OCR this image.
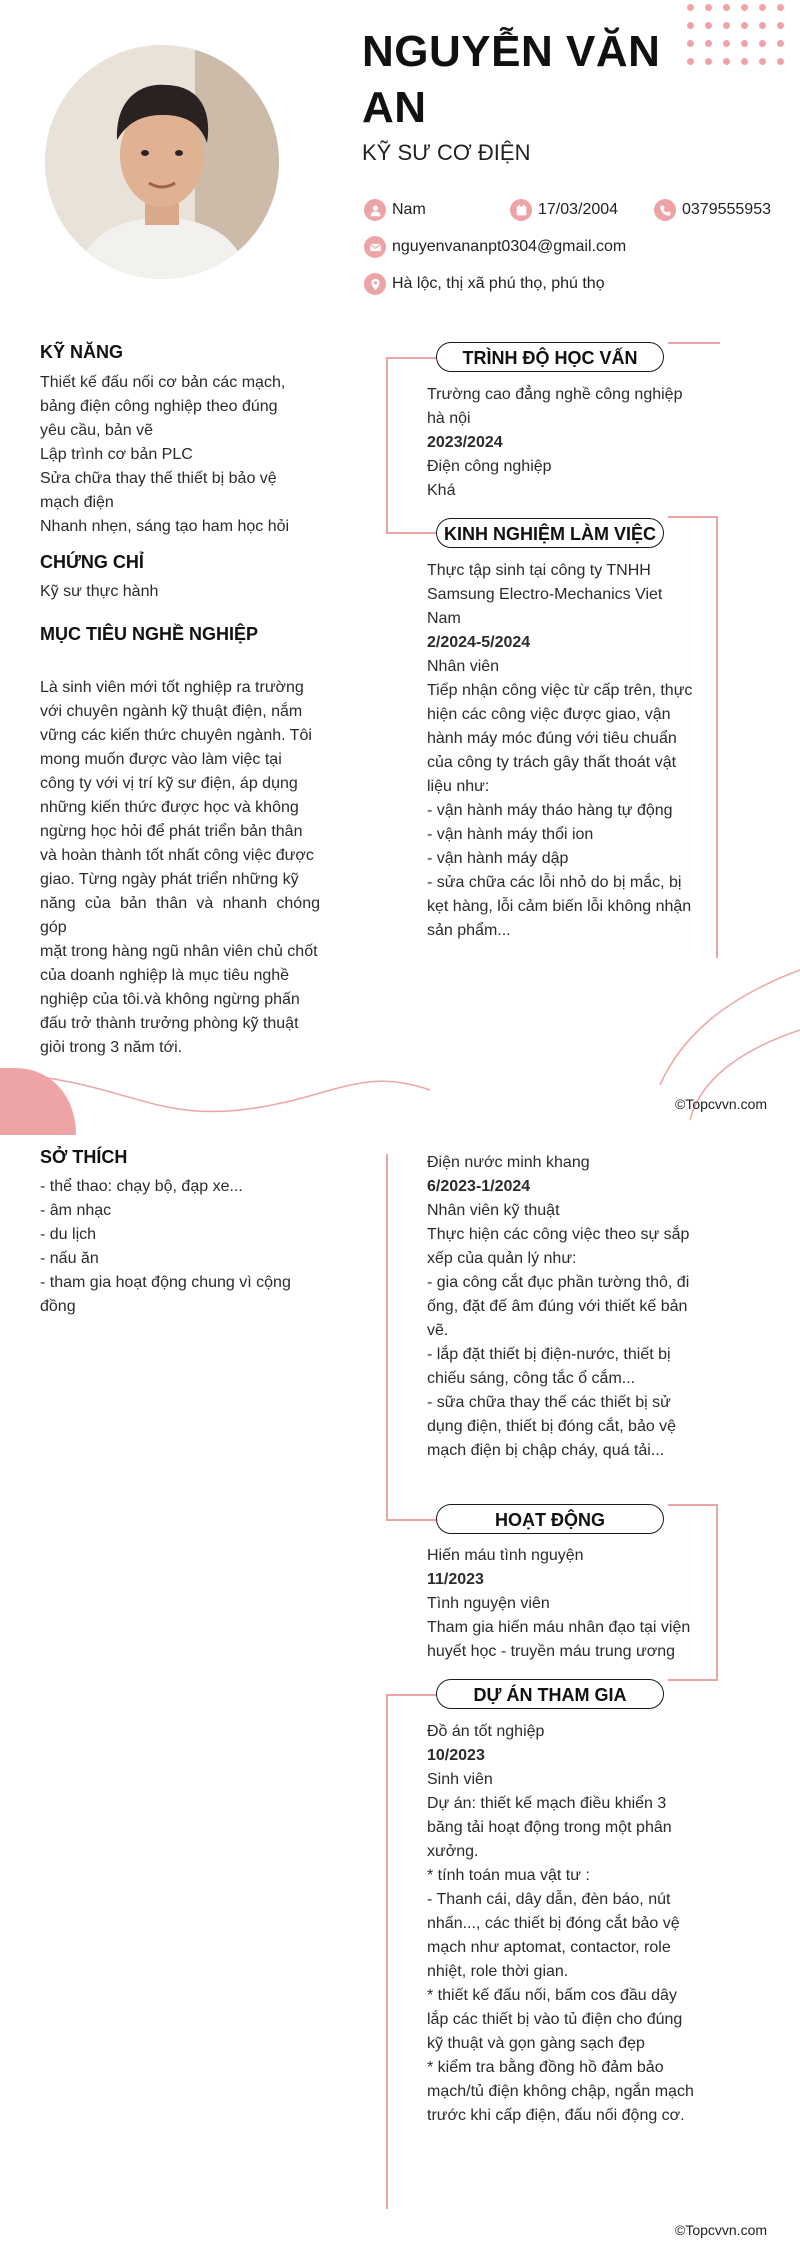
NGUYỄN VĂN AN
KỸ SƯ CƠ ĐIỆN
Nam	17/03/2004	0379555953
nguyenvananpt0304@gmail.com
Hà lộc, thị xã phú thọ, phú thọ
KỸ NĂNG
Thiết kế đấu nối cơ bản các mạch,
bảng điện công nghiệp theo đúng
yêu cầu, bản vẽ
Lập trình cơ bản PLC
Sửa chữa thay thế thiết bị bảo vệ
mạch điện
Nhanh nhẹn, sáng tạo ham học hỏi
CHỨNG CHỈ
Kỹ sư thực hành
MỤC TIÊU NGHỀ NGHIỆP
Là sinh viên mới tốt nghiệp ra trường
với chuyên ngành kỹ thuật điện, nắm
vững các kiến thức chuyên ngành. Tôi
mong muốn được vào làm việc tại
công ty với vị trí kỹ sư điện, áp dụng
những kiến thức được học và không
ngừng học hỏi để phát triển bản thân
và hoàn thành tốt nhất công việc được
giao. Từng ngày phát triển những kỹ
năng của bản thân và nhanh chóng góp
mặt trong hàng ngũ nhân viên chủ chốt
của doanh nghiệp là mục tiêu nghề
nghiệp của tôi.và không ngừng phấn
đấu trở thành trưởng phòng kỹ thuật
giỏi trong 3 năm tới.
SỞ THÍCH
- thể thao: chạy bộ, đạp xe...
- âm nhạc
- du lịch
- nấu ăn
- tham gia hoạt động chung vì cộng
đồng
TRÌNH ĐỘ HỌC VẤN
Trường cao đẳng nghề công nghiệp
hà nội
2023/2024
Điện công nghiệp
Khá
KINH NGHIỆM LÀM VIỆC
Thực tập sinh tại công ty TNHH
Samsung Electro-Mechanics Viet
Nam
2/2024-5/2024
Nhân viên
Tiếp nhận công việc từ cấp trên, thực
hiện các công việc được giao, vận
hành máy móc đúng với tiêu chuẩn
của công ty trách gây thất thoát vật
liệu như:
- vận hành máy tháo hàng tự động
- vận hành máy thổi ion
- vận hành máy dập
- sửa chữa các lỗi nhỏ do bị mắc, bị
kẹt hàng, lỗi cảm biến lỗi không nhận
sản phẩm...
©Topcvvn.com
Điện nước minh khang
6/2023-1/2024
Nhân viên kỹ thuật
Thực hiện các công việc theo sự sắp
xếp của quản lý như:
- gia công cắt đục phần tường thô, đi
ống, đặt đế âm đúng với thiết kế bản
vẽ.
- lắp đặt thiết bị điện-nước, thiết bị
chiếu sáng, công tắc ổ cắm...
- sữa chữa thay thế các thiết bị sử
dụng điện, thiết bị đóng cắt, bảo vệ
mạch điện bị chập cháy, quá tải...
HOẠT ĐỘNG
Hiến máu tình nguyện
11/2023
Tình nguyện viên
Tham gia hiến máu nhân đạo tại viện
huyết học - truyền máu trung ương
DỰ ÁN THAM GIA
Đồ án tốt nghiệp
10/2023
Sinh viên
Dự án: thiết kế mạch điều khiển 3
băng tải hoạt động trong một phân
xưởng.
* tính toán mua vật tư :
- Thanh cái, dây dẫn, đèn báo, nút
nhấn..., các thiết bị đóng cắt bảo vệ
mạch như aptomat, contactor, role
nhiệt, role thời gian.
* thiết kế đấu nối, bấm cos đầu dây
lắp các thiết bị vào tủ điện cho đúng
kỹ thuật và gọn gàng sạch đẹp
* kiểm tra bằng đồng hồ đảm bảo
mạch/tủ điện không chập, ngắn mạch
trước khi cấp điện, đấu nối động cơ.
©Topcvvn.com
